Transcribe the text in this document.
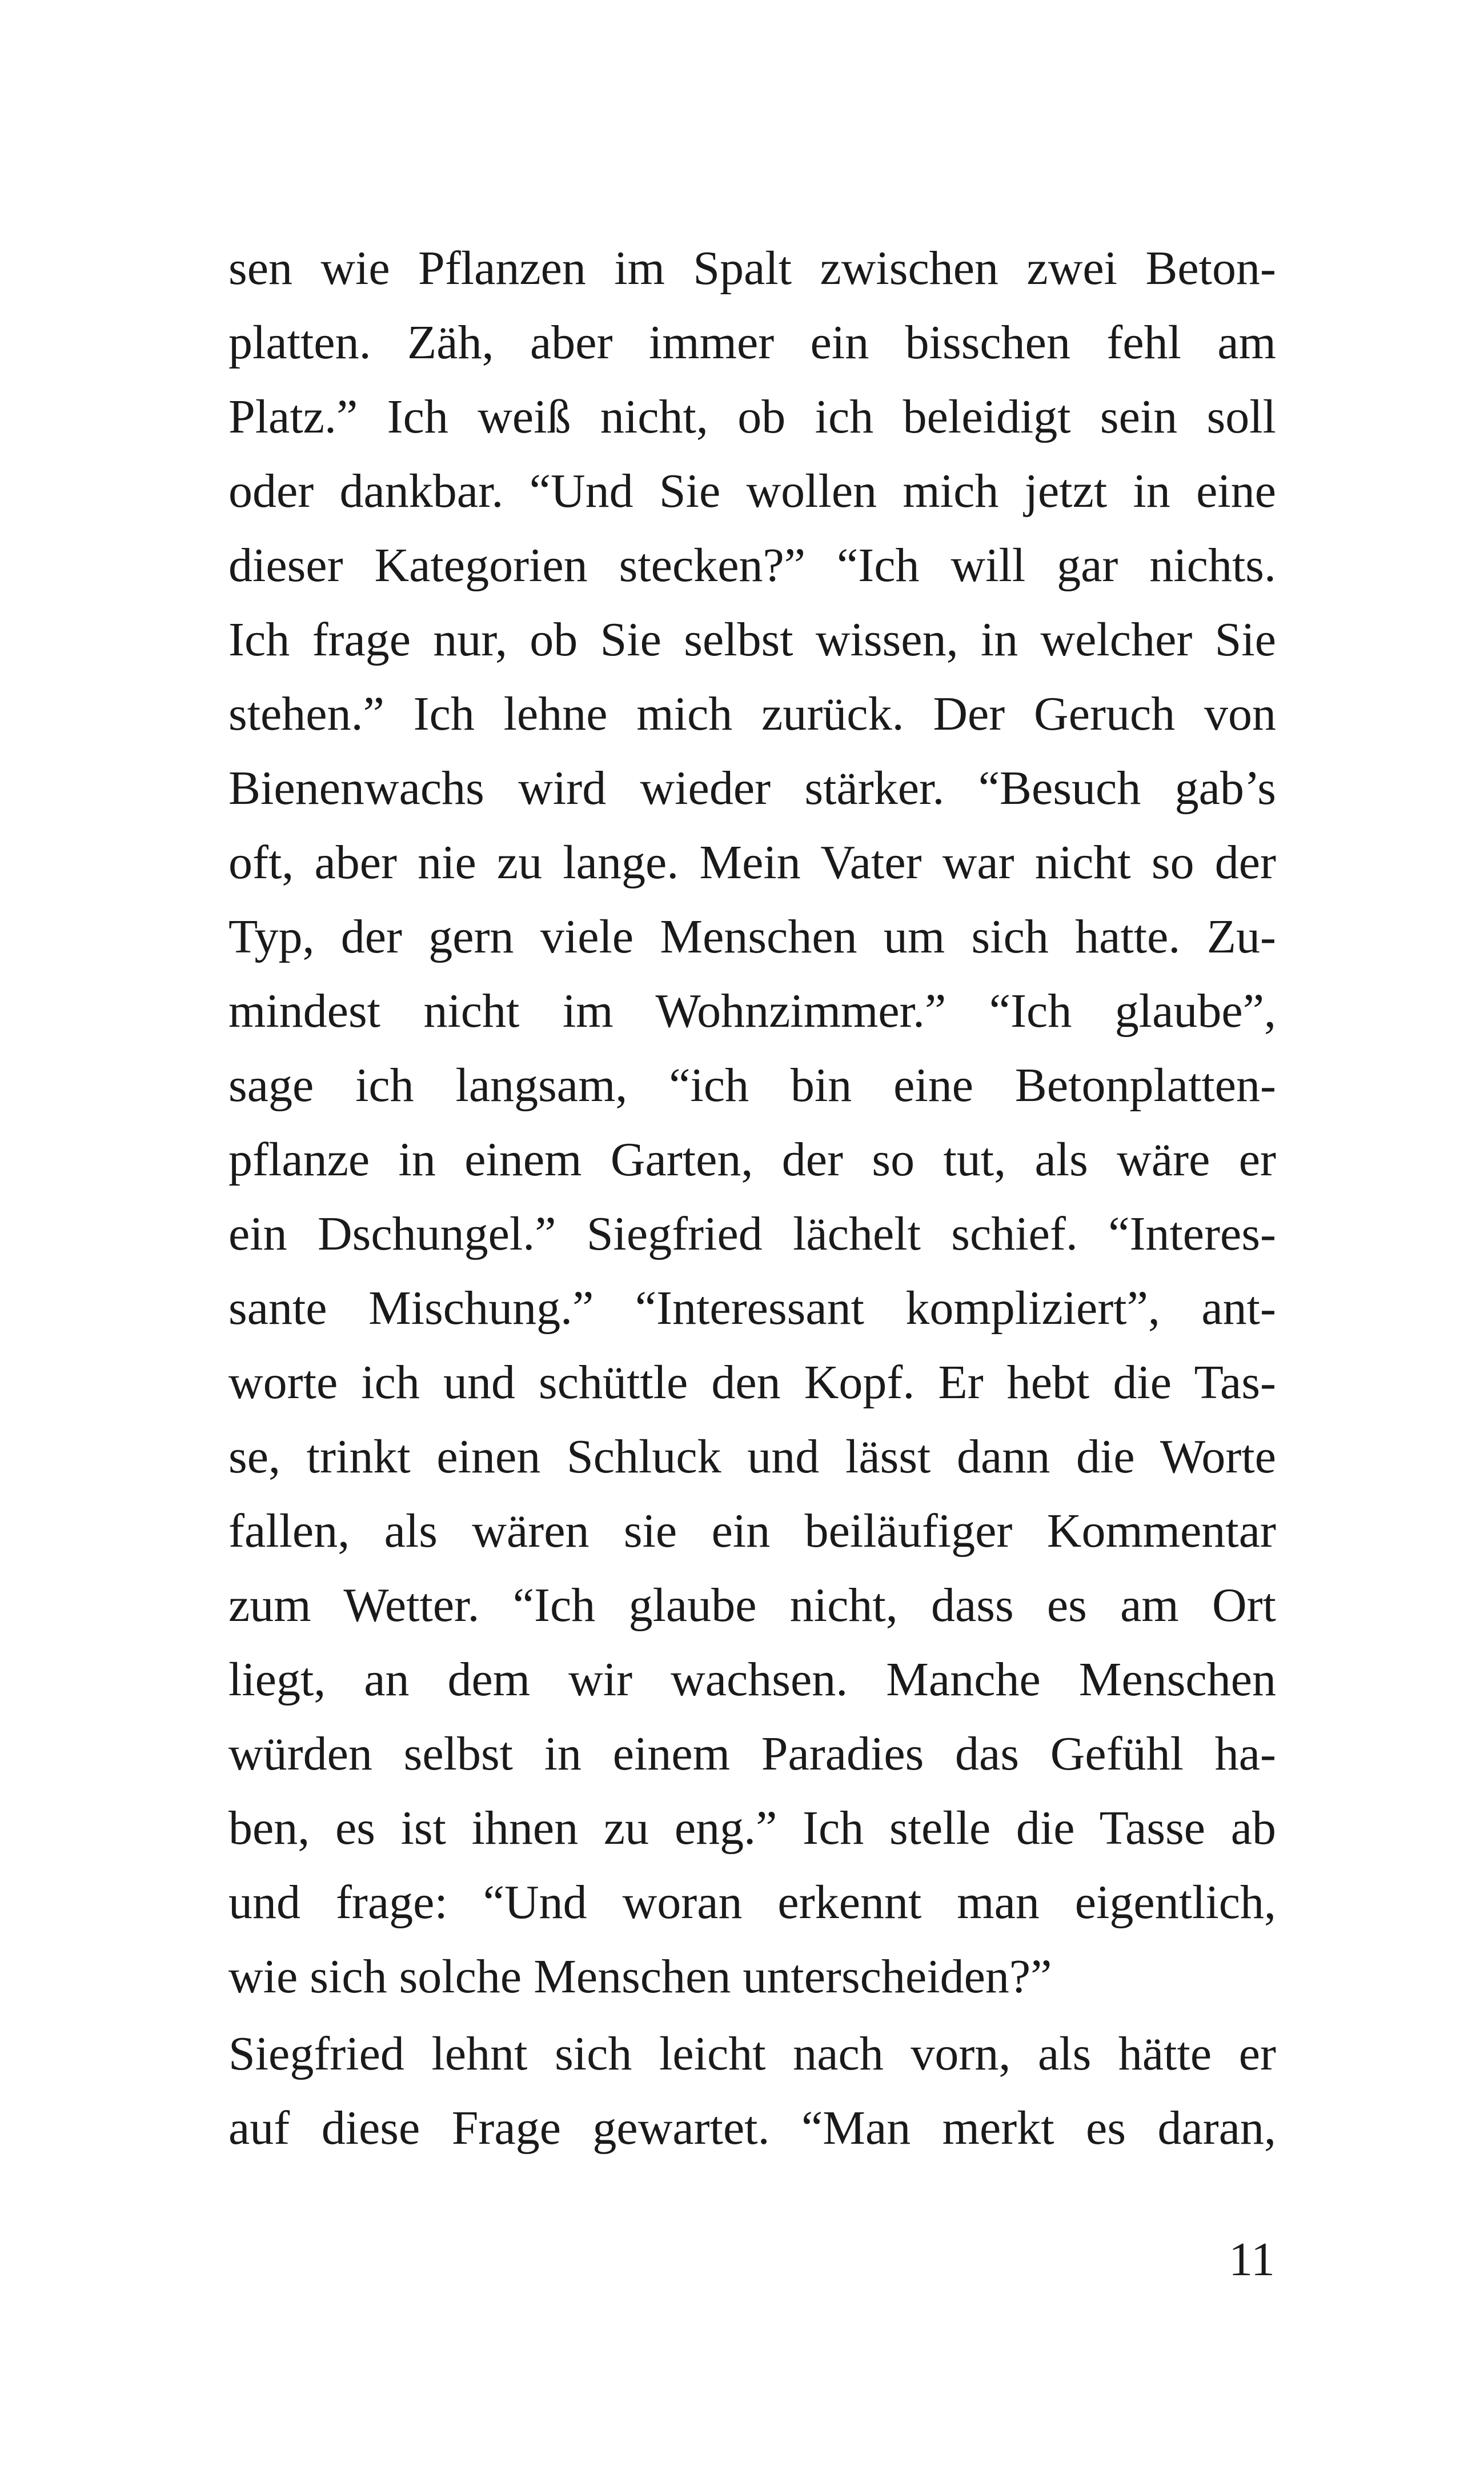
sen wie Pflanzen im Spalt zwischen zwei Beton-
platten. Zäh, aber immer ein bisschen fehl am
Platz.” Ich weiß nicht, ob ich beleidigt sein soll
oder dankbar. “Und Sie wollen mich jetzt in eine
dieser Kategorien stecken?” “Ich will gar nichts.
Ich frage nur, ob Sie selbst wissen, in welcher Sie
stehen.” Ich lehne mich zurück. Der Geruch von
Bienenwachs wird wieder stärker. “Besuch gab’s
oft, aber nie zu lange. Mein Vater war nicht so der
Typ, der gern viele Menschen um sich hatte. Zu-
mindest nicht im Wohnzimmer.” “Ich glaube”,
sage ich langsam, “ich bin eine Betonplatten-
pflanze in einem Garten, der so tut, als wäre er
ein Dschungel.” Siegfried lächelt schief. “Interes-
sante Mischung.” “Interessant kompliziert”, ant-
worte ich und schüttle den Kopf. Er hebt die Tas-
se, trinkt einen Schluck und lässt dann die Worte
fallen, als wären sie ein beiläufiger Kommentar
zum Wetter. “Ich glaube nicht, dass es am Ort
liegt, an dem wir wachsen. Manche Menschen
würden selbst in einem Paradies das Gefühl ha-
ben, es ist ihnen zu eng.” Ich stelle die Tasse ab
und frage: “Und woran erkennt man eigentlich,
wie sich solche Menschen unterscheiden?”
Siegfried lehnt sich leicht nach vorn, als hätte er
auf diese Frage gewartet. “Man merkt es daran,
11
